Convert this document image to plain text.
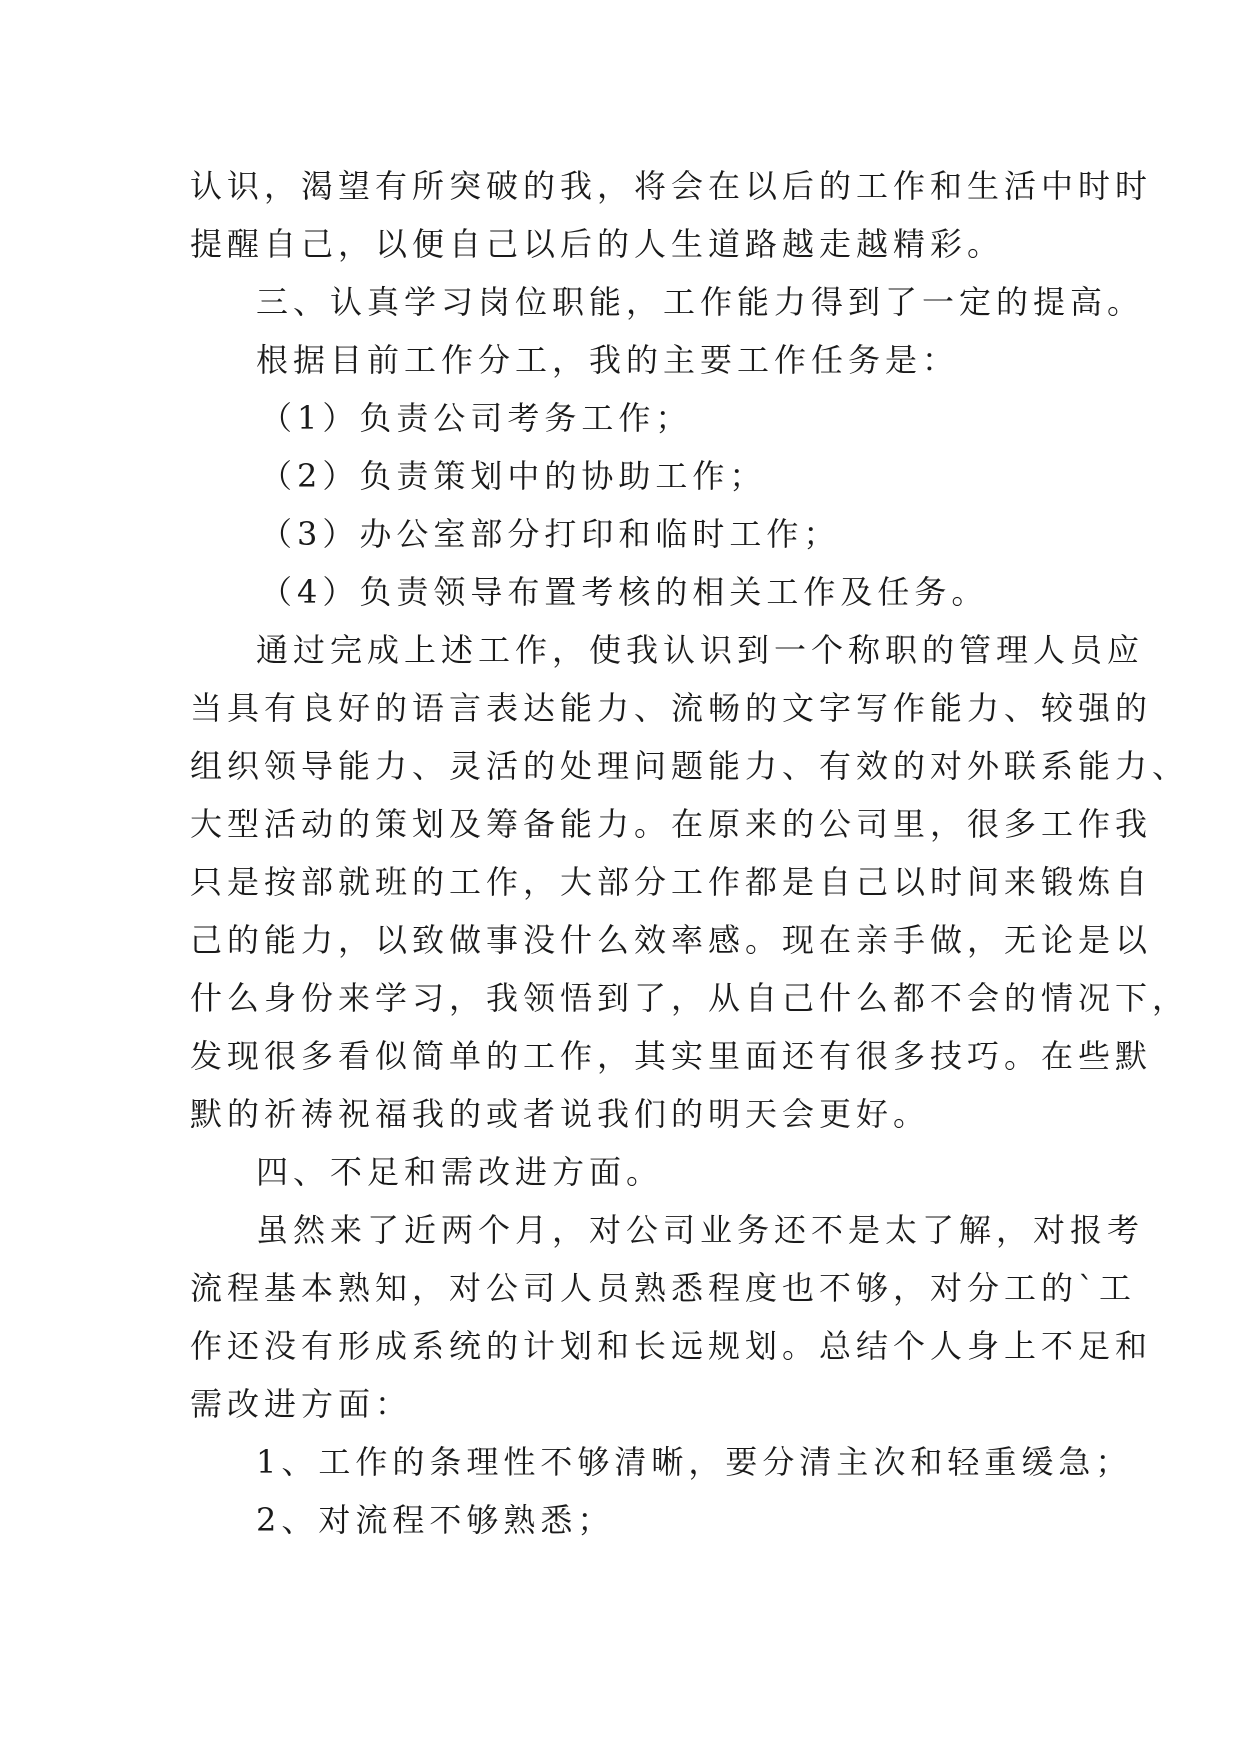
认识，渴望有所突破的我，将会在以后的工作和生活中时时
提醒自己，以便自己以后的人生道路越走越精彩。
三、认真学习岗位职能，工作能力得到了一定的提高。
根据目前工作分工，我的主要工作任务是：
（1）负责公司考务工作；
（2）负责策划中的协助工作；
（3）办公室部分打印和临时工作；
（4）负责领导布置考核的相关工作及任务。
通过完成上述工作，使我认识到一个称职的管理人员应
当具有良好的语言表达能力、流畅的文字写作能力、较强的
组织领导能力、灵活的处理问题能力、有效的对外联系能力、
大型活动的策划及筹备能力。在原来的公司里，很多工作我
只是按部就班的工作，大部分工作都是自己以时间来锻炼自
己的能力，以致做事没什么效率感。现在亲手做，无论是以
什么身份来学习，我领悟到了，从自己什么都不会的情况下，
发现很多看似简单的工作，其实里面还有很多技巧。在些默
默的祈祷祝福我的或者说我们的明天会更好。
四、不足和需改进方面。
虽然来了近两个月，对公司业务还不是太了解，对报考
流程基本熟知，对公司人员熟悉程度也不够，对分工的`工
作还没有形成系统的计划和长远规划。总结个人身上不足和
需改进方面：
1、工作的条理性不够清晰，要分清主次和轻重缓急；
2、对流程不够熟悉；
